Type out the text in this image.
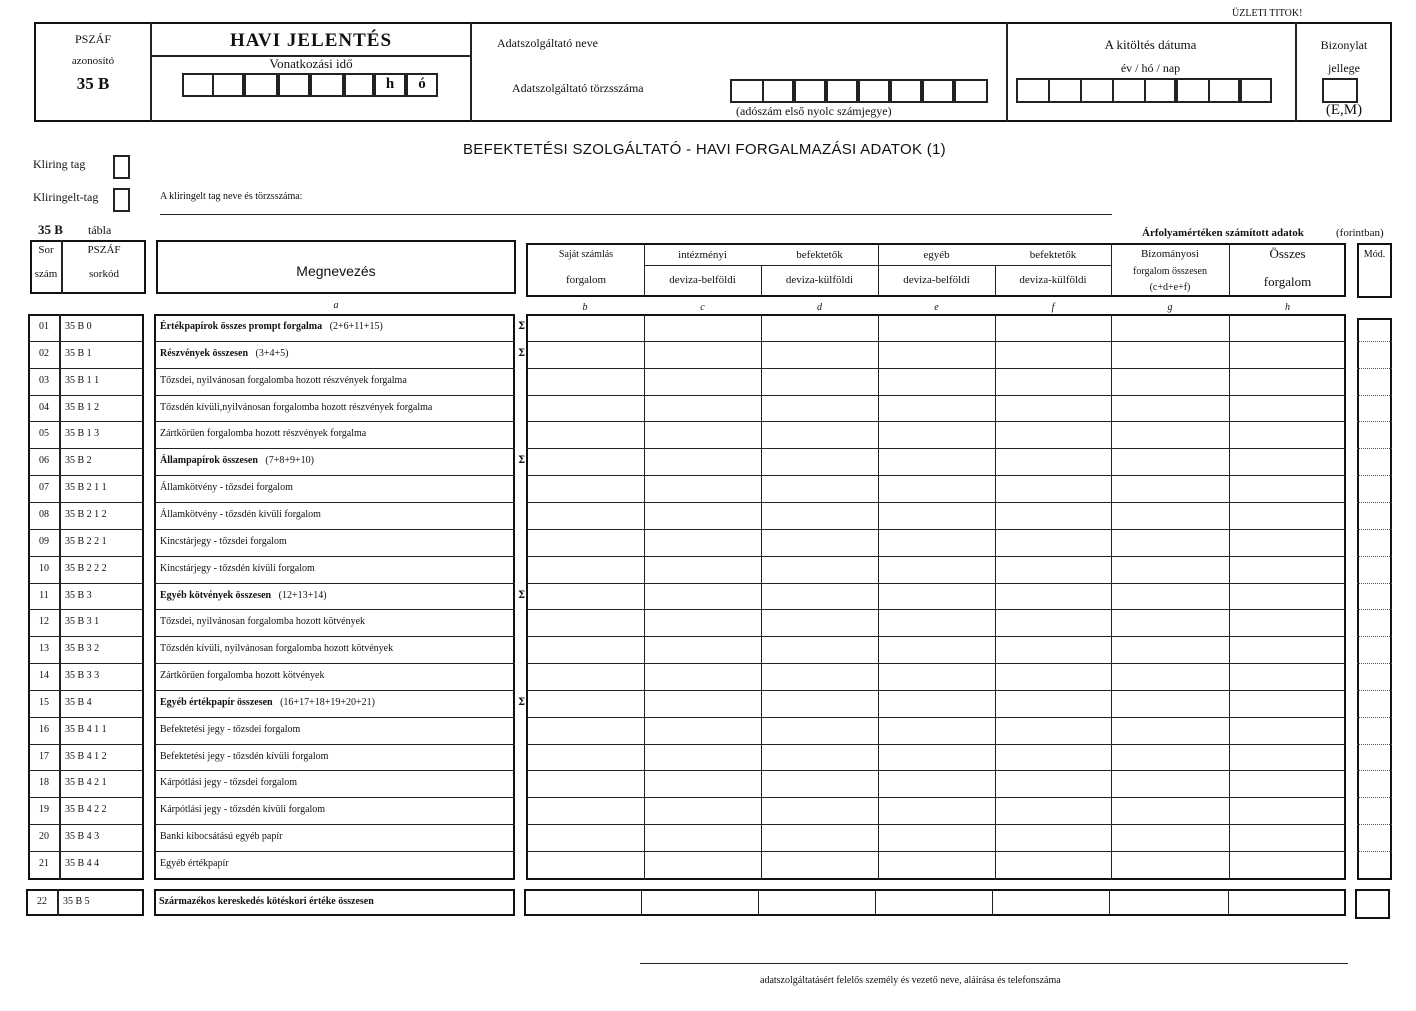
ÜZLETI TITOK!
PSZÁF
azonosító
35 B
HAVI JELENTÉS
Vonatkozási idő
h	ó
Adatszolgáltató neve
Adatszolgáltató törzsszáma
(adószám első nyolc számjegye)
A kitöltés dátuma
év / hó / nap
Bizonylat
jellege
(E,M)
BEFEKTETÉSI SZOLGÁLTATÓ - HAVI FORGALMAZÁSI ADATOK (1)
Kliring tag
Kliringelt-tag	A kliringelt tag neve és törzsszáma:
35 B tábla	Árfolyamértéken számított adatok	(forintban)
Sor
szám
PSZÁF
sorkód	Megnevezés
Saját számlás
forgalom
intézményi	befektetők
deviza-belföldi	deviza-külföldi
egyéb	befektetők
deviza-belföldi	deviza-külföldi
Bizományosi
forgalom összesen
(c+d+e+f)
Összes
forgalom
Mód.
a	b	c	d	e	f	g	h
01	35 B 0	Értékpapírok összes prompt forgalma (2+6+11+15)	Σ
02	35 B 1	Részvények összesen (3+4+5)	Σ
03	35 B 1 1	Tőzsdei, nyilvánosan forgalomba hozott részvények forgalma
04	35 B 1 2	Tőzsdén kívüli,nyilvánosan forgalomba hozott részvények forgalma
05	35 B 1 3	Zártkörűen forgalomba hozott részvények forgalma
06	35 B 2	Állampapírok összesen (7+8+9+10)	Σ
07	35 B 2 1 1	Államkötvény - tőzsdei forgalom
08	35 B 2 1 2	Államkötvény - tőzsdén kívüli forgalom
09	35 B 2 2 1	Kincstárjegy - tőzsdei forgalom
10	35 B 2 2 2	Kincstárjegy - tőzsdén kívüli forgalom
11	35 B 3	Egyéb kötvények összesen (12+13+14)	Σ
12	35 B 3 1	Tőzsdei, nyilvánosan forgalomba hozott kötvények
13	35 B 3 2	Tőzsdén kívüli, nyilvánosan forgalomba hozott kötvények
14	35 B 3 3	Zártkörűen forgalomba hozott kötvények
15	35 B 4	Egyéb értékpapír összesen (16+17+18+19+20+21)	Σ
16	35 B 4 1 1	Befektetési jegy - tőzsdei forgalom
17	35 B 4 1 2	Befektetési jegy - tőzsdén kívüli forgalom
18	35 B 4 2 1	Kárpótlási jegy - tőzsdei forgalom
19	35 B 4 2 2	Kárpótlási jegy - tőzsdén kívüli forgalom
20	35 B 4 3	Banki kibocsátású egyéb papír
21	35 B 4 4	Egyéb értékpapír
22	35 B 5	Származékos kereskedés kötéskori értéke összesen
adatszolgáltatásért felelős személy és vezető neve, aláírása és telefonszáma
